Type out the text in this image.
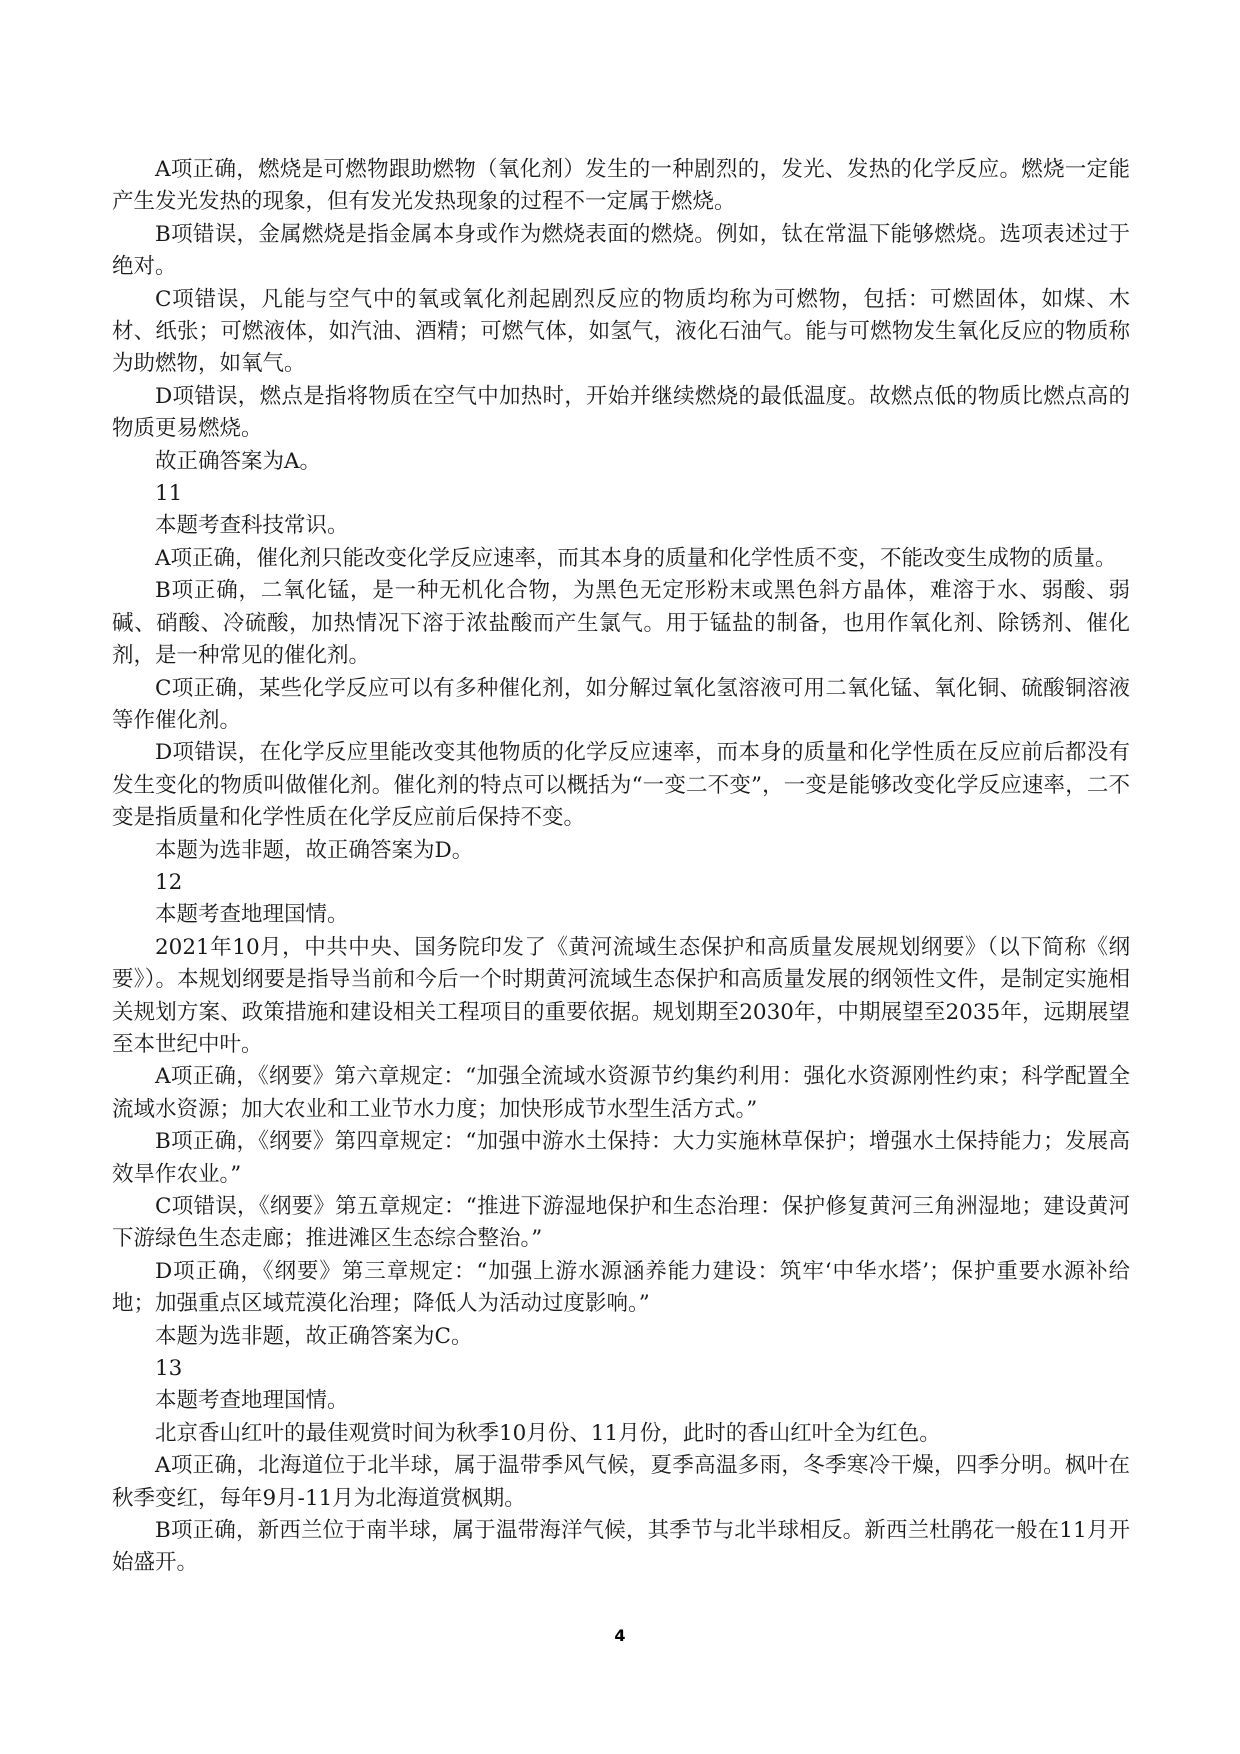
A项正确，燃烧是可燃物跟助燃物（氧化剂）发生的一种剧烈的，发光、发热的化学反应。燃烧一定能产生发光发热的现象，但有发光发热现象的过程不一定属于燃烧。

B项错误，金属燃烧是指金属本身或作为燃烧表面的燃烧。例如，钛在常温下能够燃烧。选项表述过于绝对。

C项错误，凡能与空气中的氧或氧化剂起剧烈反应的物质均称为可燃物，包括：可燃固体，如煤、木材、纸张；可燃液体，如汽油、酒精；可燃气体，如氢气，液化石油气。能与可燃物发生氧化反应的物质称为助燃物，如氧气。

D项错误，燃点是指将物质在空气中加热时，开始并继续燃烧的最低温度。故燃点低的物质比燃点高的物质更易燃烧。

故正确答案为A。

11

本题考查科技常识。

A项正确，催化剂只能改变化学反应速率，而其本身的质量和化学性质不变，不能改变生成物的质量。

B项正确，二氧化锰，是一种无机化合物，为黑色无定形粉末或黑色斜方晶体，难溶于水、弱酸、弱碱、硝酸、冷硫酸，加热情况下溶于浓盐酸而产生氯气。用于锰盐的制备，也用作氧化剂、除锈剂、催化剂，是一种常见的催化剂。

C项正确，某些化学反应可以有多种催化剂，如分解过氧化氢溶液可用二氧化锰、氧化铜、硫酸铜溶液等作催化剂。

D项错误，在化学反应里能改变其他物质的化学反应速率，而本身的质量和化学性质在反应前后都没有发生变化的物质叫做催化剂。催化剂的特点可以概括为“一变二不变”，一变是能够改变化学反应速率，二不变是指质量和化学性质在化学反应前后保持不变。

本题为选非题，故正确答案为D。

12

本题考查地理国情。

2021年10月，中共中央、国务院印发了《黄河流域生态保护和高质量发展规划纲要》（以下简称《纲要》）。本规划纲要是指导当前和今后一个时期黄河流域生态保护和高质量发展的纲领性文件，是制定实施相关规划方案、政策措施和建设相关工程项目的重要依据。规划期至2030年，中期展望至2035年，远期展望至本世纪中叶。

A项正确，《纲要》第六章规定：“加强全流域水资源节约集约利用：强化水资源刚性约束；科学配置全流域水资源；加大农业和工业节水力度；加快形成节水型生活方式。”

B项正确，《纲要》第四章规定：“加强中游水土保持：大力实施林草保护；增强水土保持能力；发展高效旱作农业。”

C项错误，《纲要》第五章规定：“推进下游湿地保护和生态治理：保护修复黄河三角洲湿地；建设黄河下游绿色生态走廊；推进滩区生态综合整治。”

D项正确，《纲要》第三章规定：“加强上游水源涵养能力建设：筑牢‘中华水塔’；保护重要水源补给地；加强重点区域荒漠化治理；降低人为活动过度影响。”

本题为选非题，故正确答案为C。

13

本题考查地理国情。

北京香山红叶的最佳观赏时间为秋季10月份、11月份，此时的香山红叶全为红色。

A项正确，北海道位于北半球，属于温带季风气候，夏季高温多雨，冬季寒冷干燥，四季分明。枫叶在秋季变红，每年9月-11月为北海道赏枫期。

B项正确，新西兰位于南半球，属于温带海洋气候，其季节与北半球相反。新西兰杜鹃花一般在11月开始盛开。

4
